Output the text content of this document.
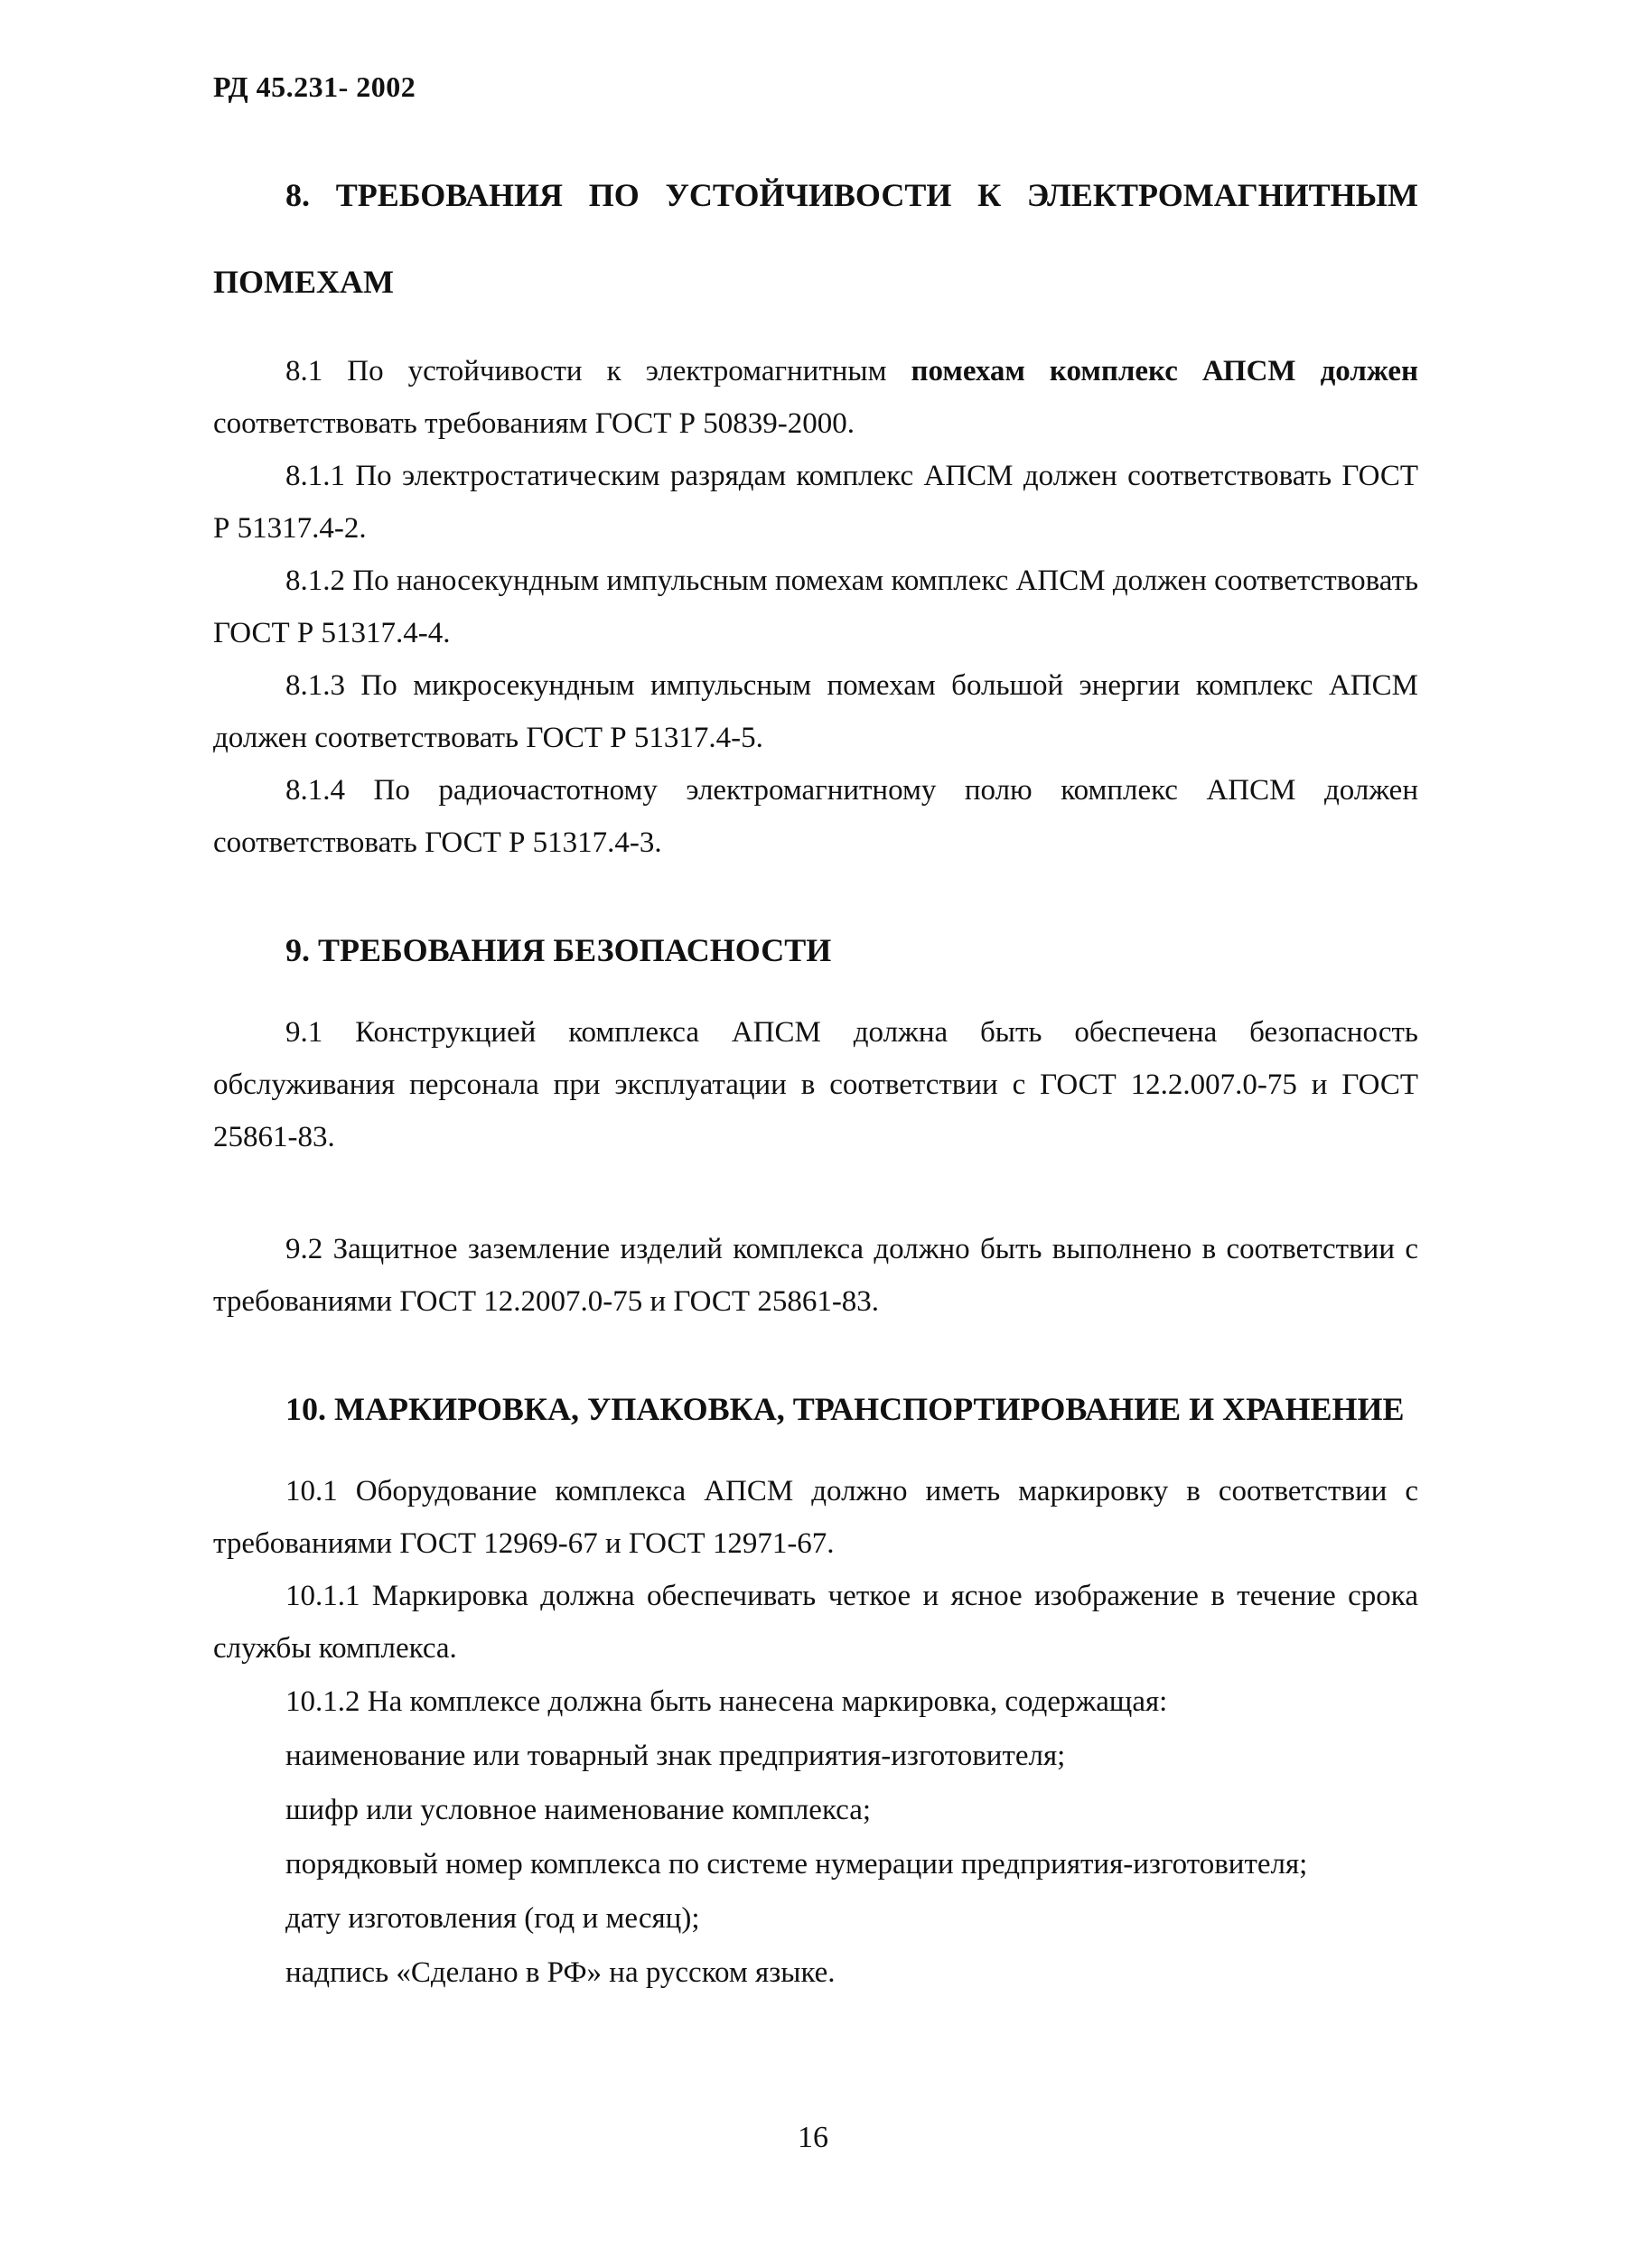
РД 45.231- 2002
8. ТРЕБОВАНИЯ ПО УСТОЙЧИВОСТИ К ЭЛЕКТРОМАГНИТНЫМ ПОМЕХАМ

8.1 По устойчивости к электромагнитным помехам комплекс АПСМ должен соответствовать требованиям ГОСТ Р 50839-2000.

8.1.1 По электростатическим разрядам комплекс АПСМ должен соответствовать ГОСТ Р 51317.4-2.

8.1.2 По наносекундным импульсным помехам комплекс АПСМ должен соответствовать ГОСТ Р 51317.4-4.

8.1.3 По микросекундным импульсным помехам большой энергии комплекс АПСМ должен соответствовать ГОСТ Р 51317.4-5.

8.1.4 По радиочастотному электромагнитному полю комплекс АПСМ должен соответствовать ГОСТ Р 51317.4-3.

9. ТРЕБОВАНИЯ БЕЗОПАСНОСТИ

9.1 Конструкцией комплекса АПСМ должна быть обеспечена безопасность обслуживания персонала при эксплуатации в соответствии с ГОСТ 12.2.007.0-75 и ГОСТ 25861-83.

9.2 Защитное заземление изделий комплекса должно быть выполнено в соответствии с требованиями ГОСТ 12.2007.0-75 и ГОСТ 25861-83.

10. МАРКИРОВКА, УПАКОВКА, ТРАНСПОРТИРОВАНИЕ И ХРАНЕНИЕ

10.1 Оборудование комплекса АПСМ должно иметь маркировку в соответствии с требованиями ГОСТ 12969-67 и ГОСТ 12971-67.

10.1.1 Маркировка должна обеспечивать четкое и ясное изображение в течение срока службы комплекса.

10.1.2 На комплексе должна быть нанесена маркировка, содержащая:

наименование или товарный знак предприятия-изготовителя;

шифр или условное наименование комплекса;

порядковый номер комплекса по системе нумерации предприятия-изготовителя;

дату изготовления (год и месяц);

надпись «Сделано в РФ» на русском языке.

16
